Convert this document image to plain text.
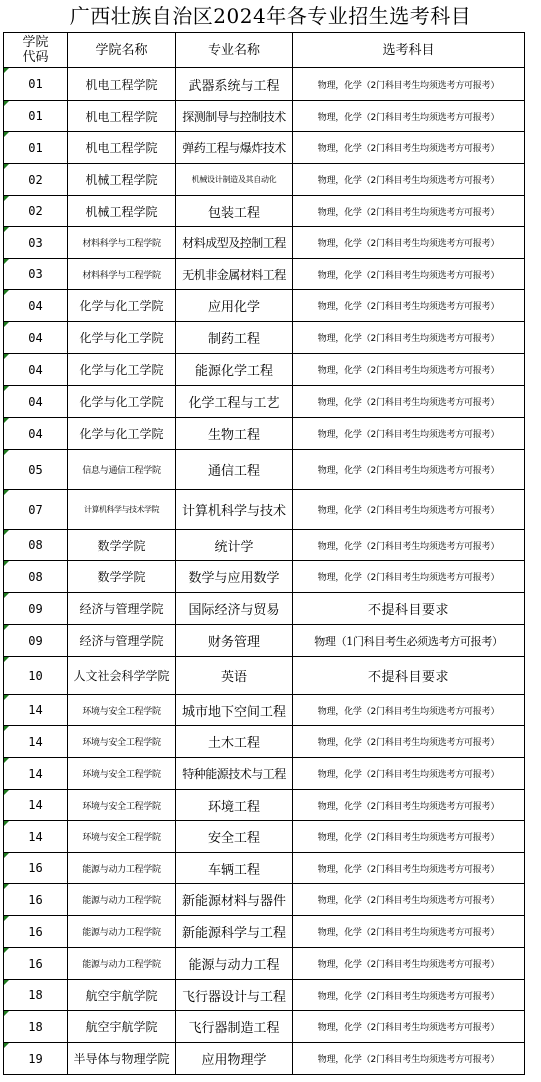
广西壮族自治区2024年各专业招生选考科目
学院
代码	学院名称	专业名称	选考科目
01	机电工程学院	武器系统与工程	物理，化学（2门科目考生均须选考方可报考）
01	机电工程学院	探测制导与控制技术	物理，化学（2门科目考生均须选考方可报考）
01	机电工程学院	弹药工程与爆炸技术	物理，化学（2门科目考生均须选考方可报考）
02	机械工程学院	机械设计制造及其自动化	物理，化学（2门科目考生均须选考方可报考）
02	机械工程学院	包装工程	物理，化学（2门科目考生均须选考方可报考）
03	材料科学与工程学院	材料成型及控制工程	物理，化学（2门科目考生均须选考方可报考）
03	材料科学与工程学院	无机非金属材料工程	物理，化学（2门科目考生均须选考方可报考）
04	化学与化工学院	应用化学	物理，化学（2门科目考生均须选考方可报考）
04	化学与化工学院	制药工程	物理，化学（2门科目考生均须选考方可报考）
04	化学与化工学院	能源化学工程	物理，化学（2门科目考生均须选考方可报考）
04	化学与化工学院	化学工程与工艺	物理，化学（2门科目考生均须选考方可报考）
04	化学与化工学院	生物工程	物理，化学（2门科目考生均须选考方可报考）
05	信息与通信工程学院	通信工程	物理，化学（2门科目考生均须选考方可报考）
07	计算机科学与技术学院	计算机科学与技术	物理，化学（2门科目考生均须选考方可报考）
08	数学学院	统计学	物理，化学（2门科目考生均须选考方可报考）
08	数学学院	数学与应用数学	物理，化学（2门科目考生均须选考方可报考）
09	经济与管理学院	国际经济与贸易	不提科目要求
09	经济与管理学院	财务管理	物理（1门科目考生必须选考方可报考）
10	人文社会科学学院	英语	不提科目要求
14	环境与安全工程学院	城市地下空间工程	物理，化学（2门科目考生均须选考方可报考）
14	环境与安全工程学院	土木工程	物理，化学（2门科目考生均须选考方可报考）
14	环境与安全工程学院	特种能源技术与工程	物理，化学（2门科目考生均须选考方可报考）
14	环境与安全工程学院	环境工程	物理，化学（2门科目考生均须选考方可报考）
14	环境与安全工程学院	安全工程	物理，化学（2门科目考生均须选考方可报考）
16	能源与动力工程学院	车辆工程	物理，化学（2门科目考生均须选考方可报考）
16	能源与动力工程学院	新能源材料与器件	物理，化学（2门科目考生均须选考方可报考）
16	能源与动力工程学院	新能源科学与工程	物理，化学（2门科目考生均须选考方可报考）
16	能源与动力工程学院	能源与动力工程	物理，化学（2门科目考生均须选考方可报考）
18	航空宇航学院	飞行器设计与工程	物理，化学（2门科目考生均须选考方可报考）
18	航空宇航学院	飞行器制造工程	物理，化学（2门科目考生均须选考方可报考）
19	半导体与物理学院	应用物理学	物理，化学（2门科目考生均须选考方可报考）
